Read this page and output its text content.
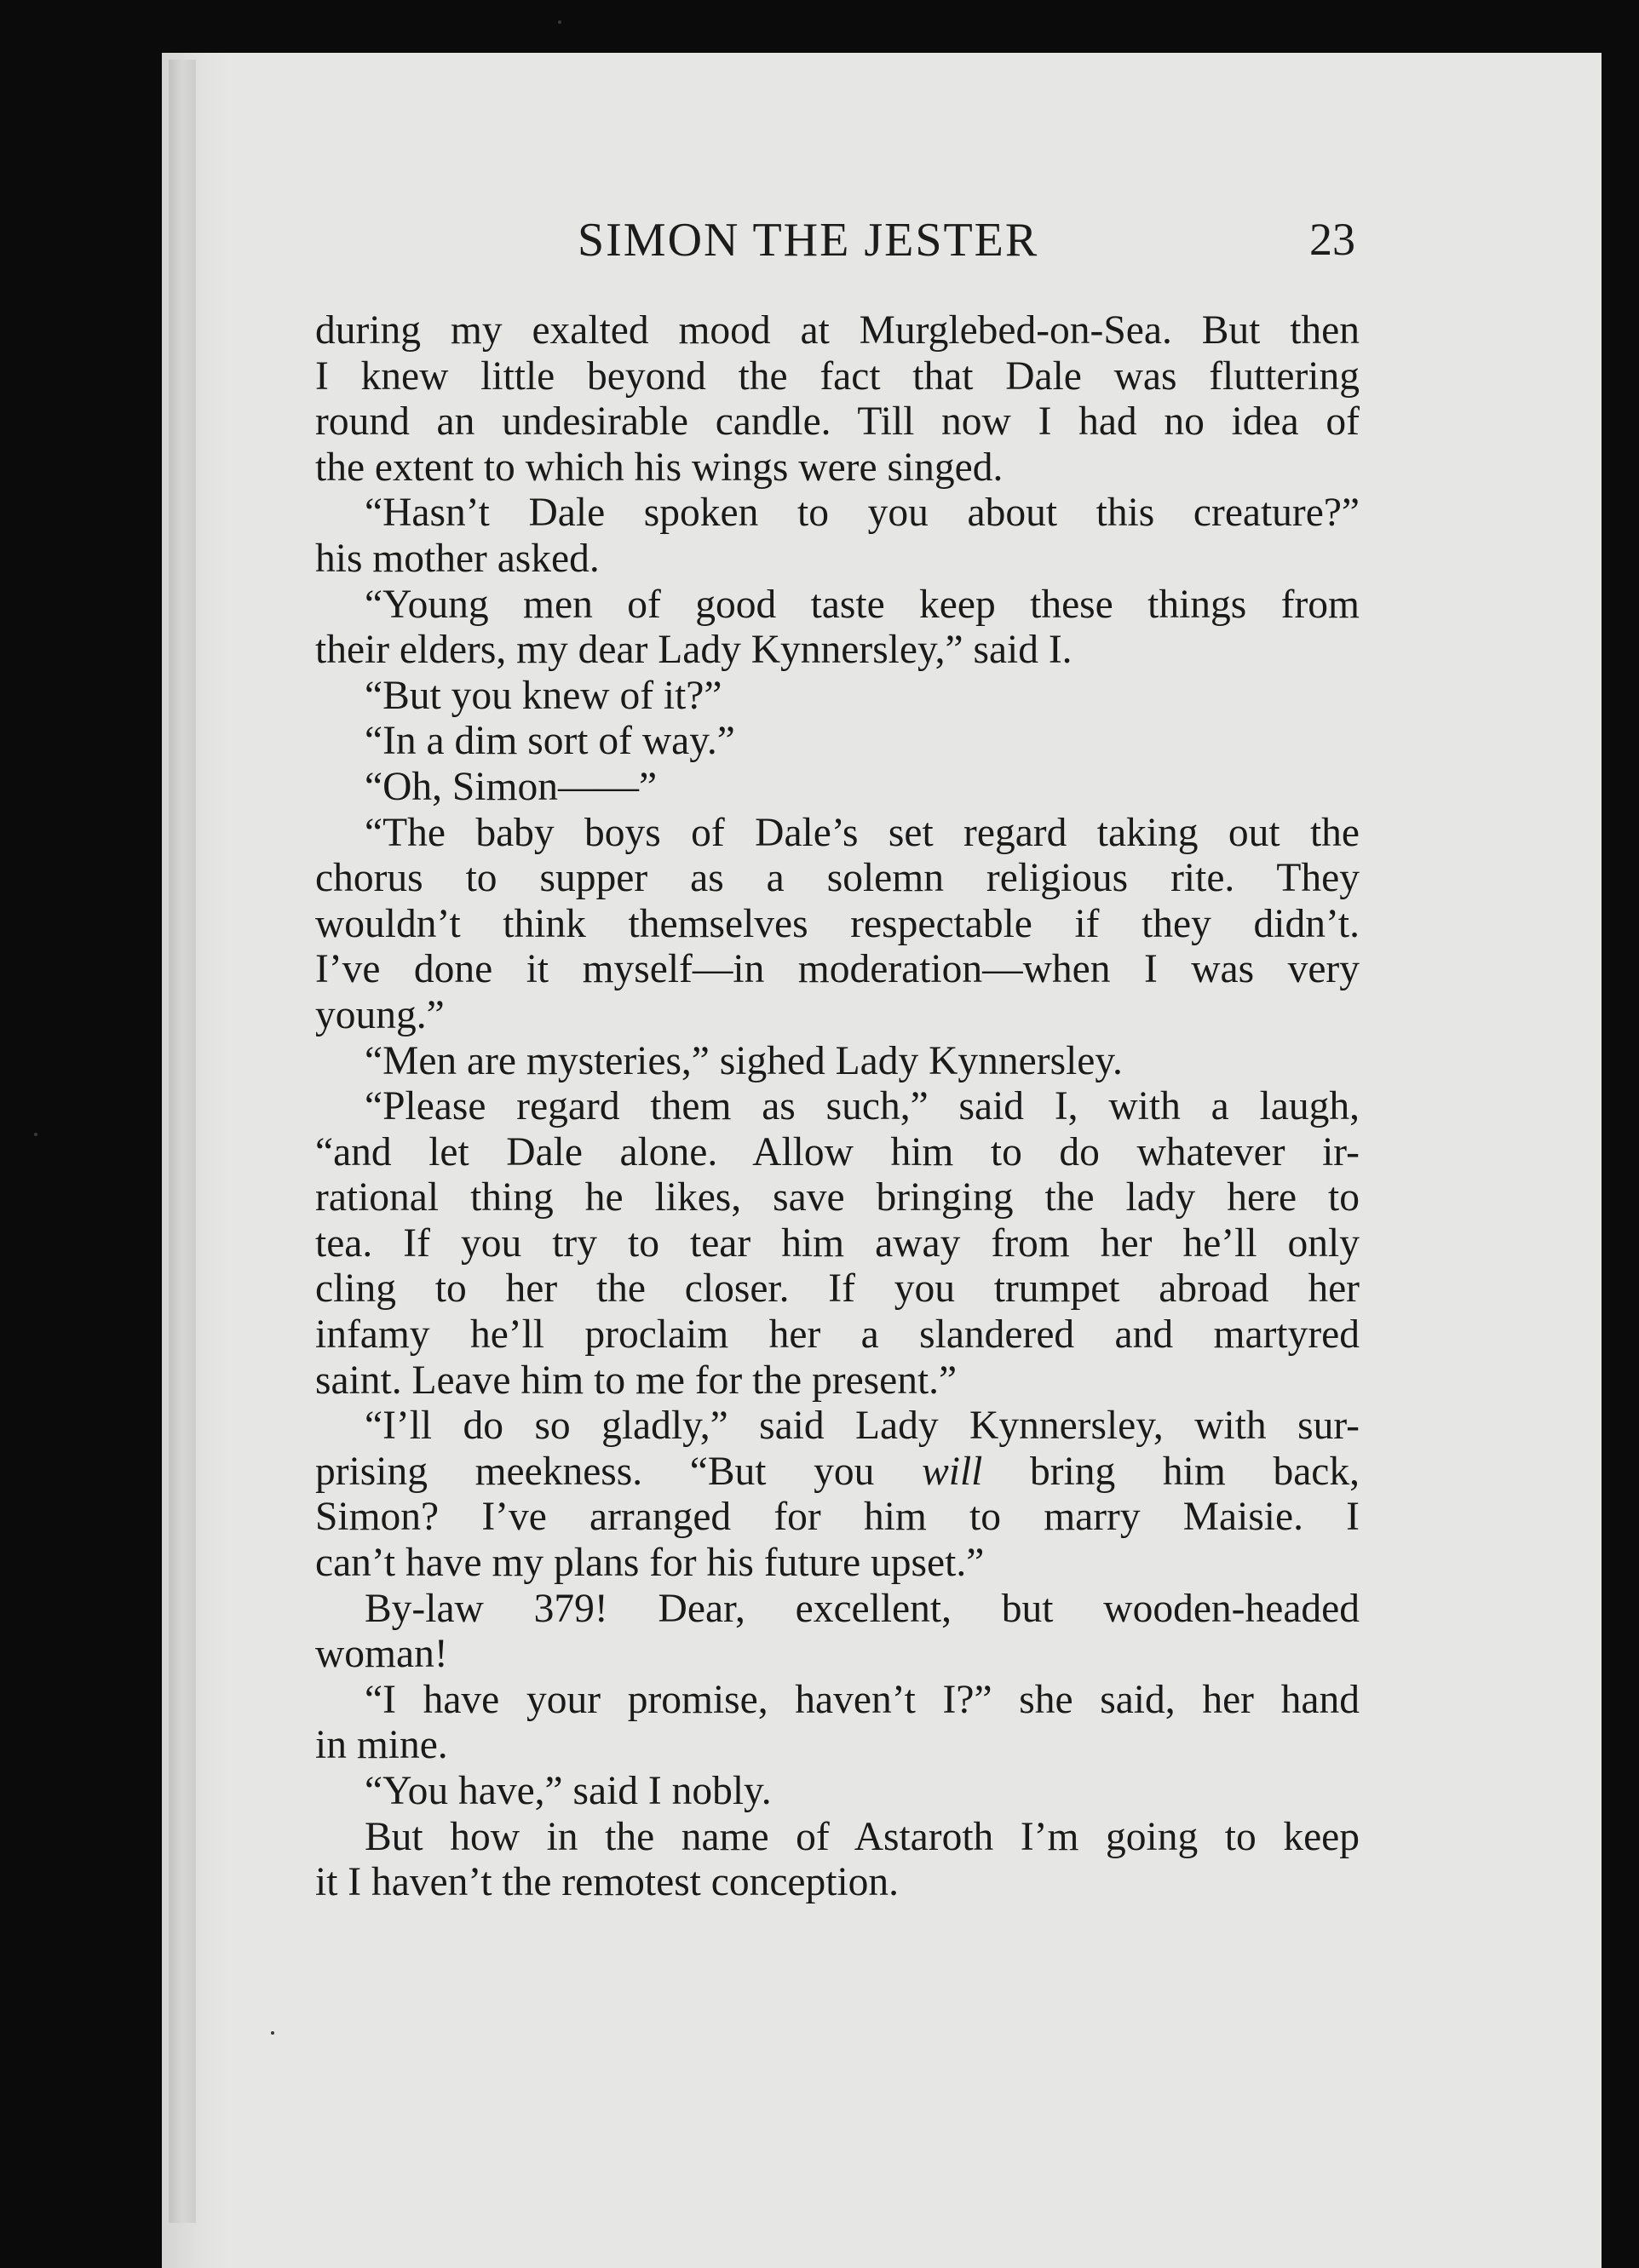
SIMON THE JESTER	23
during my exalted mood at Murglebed-on-Sea. But then
I knew little beyond the fact that Dale was fluttering
round an undesirable candle. Till now I had no idea of
the extent to which his wings were singed.
“Hasn’t Dale spoken to you about this creature?”
his mother asked.
“Young men of good taste keep these things from
their elders, my dear Lady Kynnersley,” said I.
“But you knew of it?”
“In a dim sort of way.”
“Oh, Simon——”
“The baby boys of Dale’s set regard taking out the
chorus to supper as a solemn religious rite. They
wouldn’t think themselves respectable if they didn’t.
I’ve done it myself—in moderation—when I was very
young.”
“Men are mysteries,” sighed Lady Kynnersley.
“Please regard them as such,” said I, with a laugh,
“and let Dale alone. Allow him to do whatever ir-
rational thing he likes, save bringing the lady here to
tea. If you try to tear him away from her he’ll only
cling to her the closer. If you trumpet abroad her
infamy he’ll proclaim her a slandered and martyred
saint. Leave him to me for the present.”
“I’ll do so gladly,” said Lady Kynnersley, with sur-
prising meekness. “But you will bring him back,
Simon? I’ve arranged for him to marry Maisie. I
can’t have my plans for his future upset.”
By-law 379! Dear, excellent, but wooden-headed
woman!
“I have your promise, haven’t I?” she said, her hand
in mine.
“You have,” said I nobly.
But how in the name of Astaroth I’m going to keep
it I haven’t the remotest conception.
